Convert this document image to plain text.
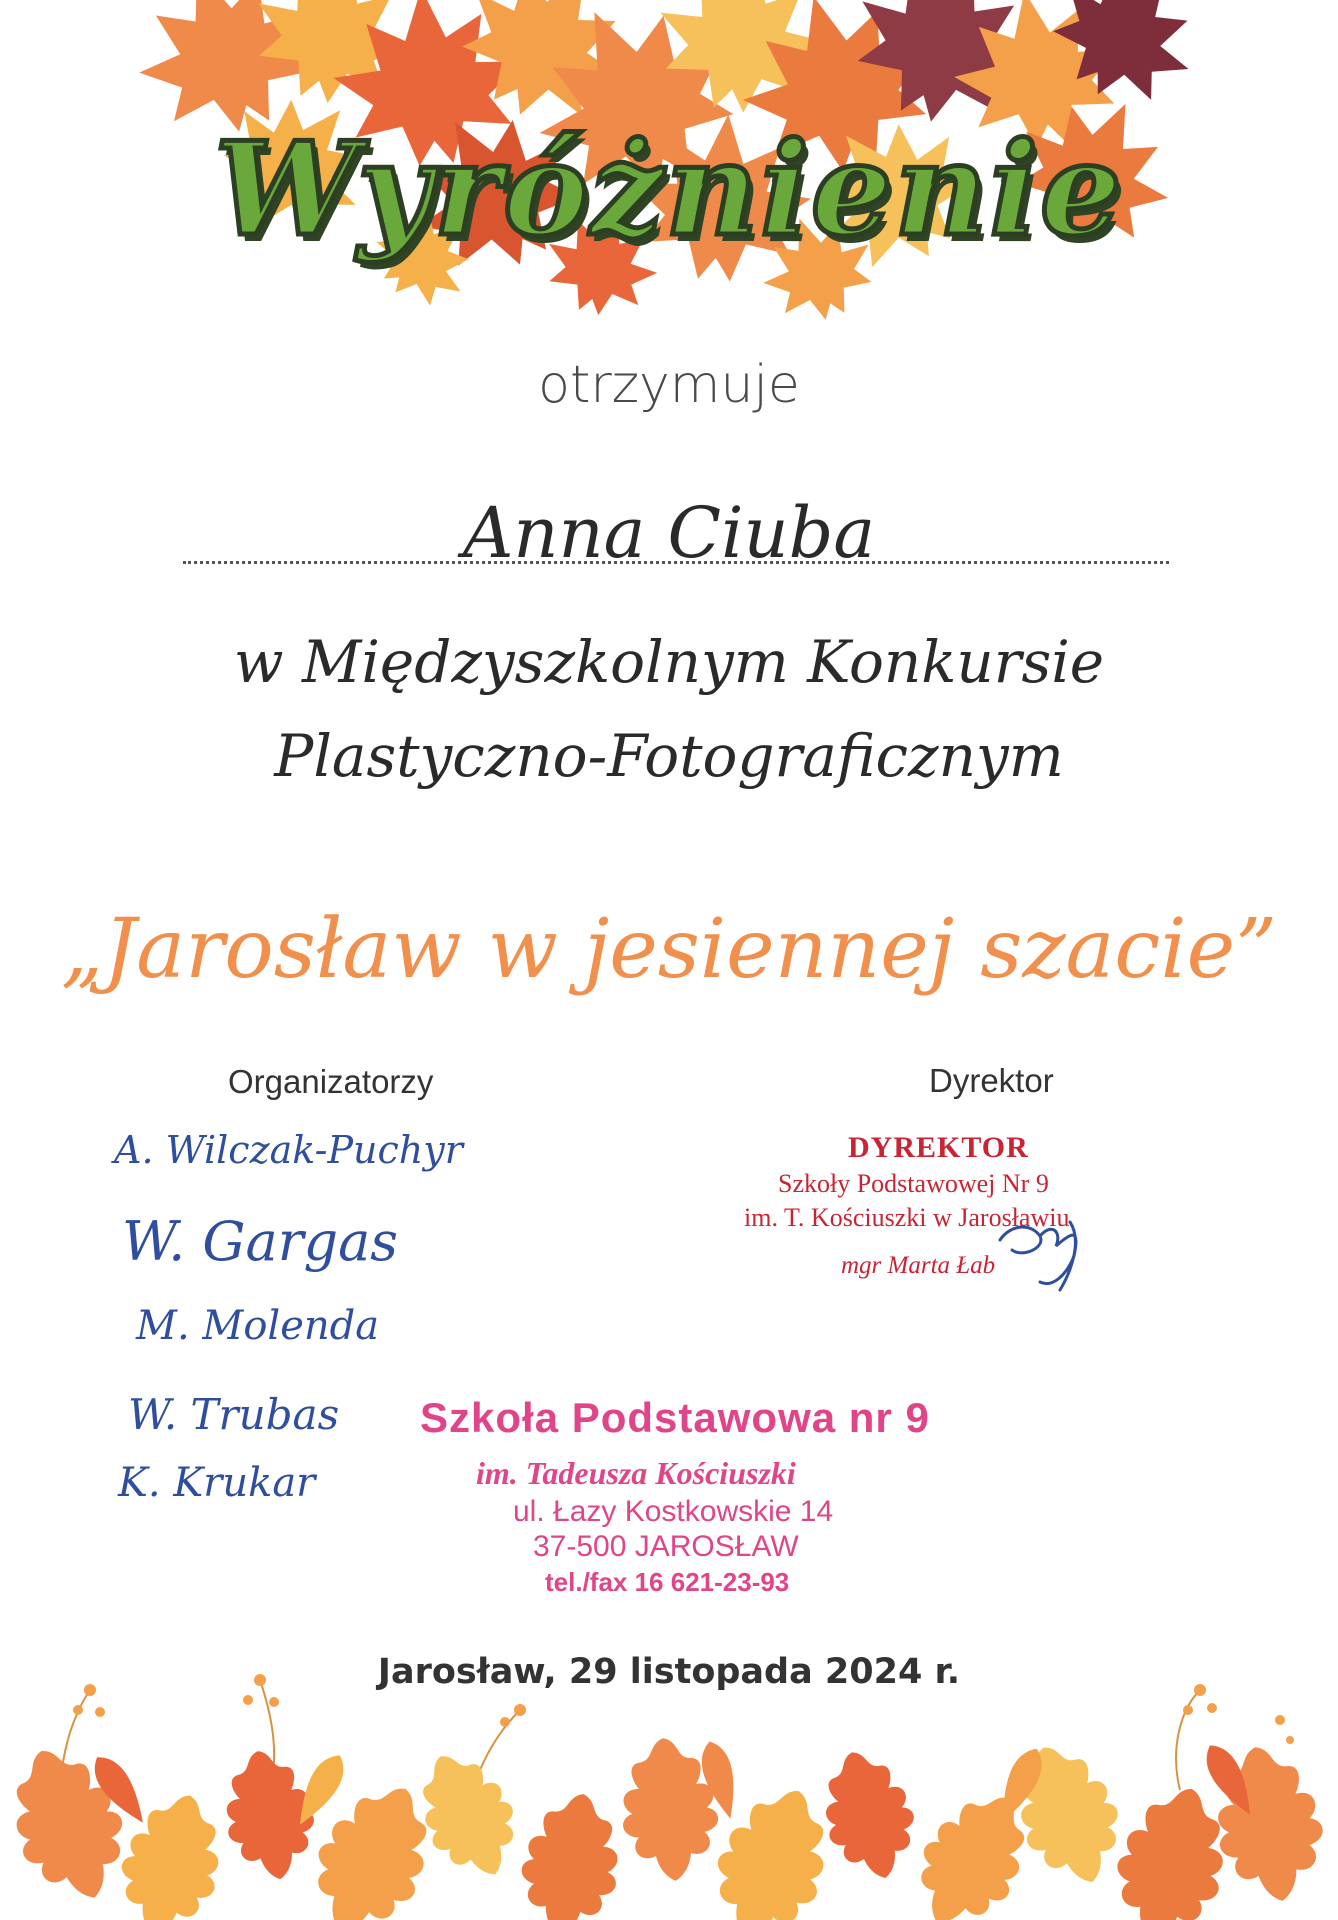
Wyróżnienie
otrzymuje
Anna Ciuba
w Międzyszkolnym Konkursie
Plastyczno-Fotograficznym
„Jarosław w jesiennej szacie”
Organizatorzy	Dyrektor
A. Wilczak-Puchyr
W. Gargas
M. Molenda
W. Trubas
K. Krukar
DYREKTOR
Szkoły Podstawowej Nr 9
im. T. Kościuszki w Jarosławiu
mgr Marta Łab
Szkoła Podstawowa nr 9
im. Tadeusza Kościuszki
ul. Łazy Kostkowskie 14
37-500 JAROSŁAW
tel./fax 16 621-23-93
Jarosław, 29 listopada 2024 r.
